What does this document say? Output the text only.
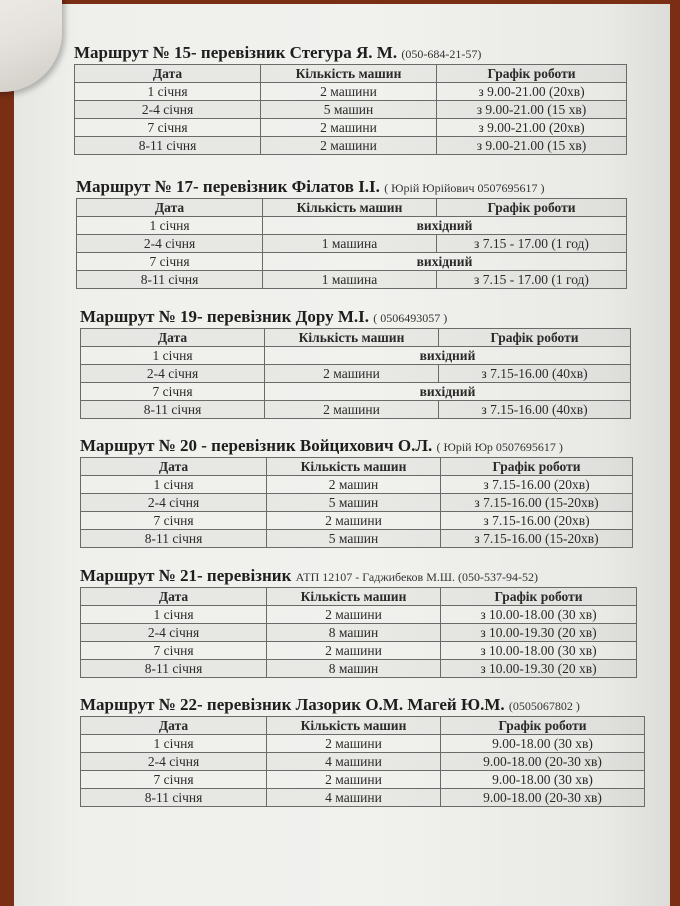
Маршрут № 15- перевізник Стегура Я. М. (050-684-21-57)
Дата	Кількість машин	Графік роботи
1 січня	2 машини	з 9.00-21.00 (20хв)
2-4 січня	5 машин	з 9.00-21.00 (15 хв)
7 січня	2 машини	з 9.00-21.00 (20хв)
8-11 січня	2 машини	з 9.00-21.00 (15 хв)
Маршрут № 17- перевізник Філатов І.І. ( Юрій Юрійович 0507695617 )
Дата	Кількість машин	Графік роботи
1 січня	вихідний	
2-4 січня	1 машина	з 7.15 - 17.00 (1 год)
7 січня	вихідний	
8-11 січня	1 машина	з 7.15 - 17.00 (1 год)
Маршрут № 19- перевізник Дору М.І. ( 0506493057 )
Дата	Кількість машин	Графік роботи
1 січня	вихідний	
2-4 січня	2 машини	з 7.15-16.00 (40хв)
7 січня	вихідний	
8-11 січня	2 машини	з 7.15-16.00 (40хв)
Маршрут № 20 - перевізник Войцихович О.Л. ( Юрій Юр 0507695617 )
Дата	Кількість машин	Графік роботи
1 січня	2 машин	з 7.15-16.00 (20хв)
2-4 січня	5 машин	з 7.15-16.00 (15-20хв)
7 січня	2 машини	з 7.15-16.00 (20хв)
8-11 січня	5 машин	з 7.15-16.00 (15-20хв)
Маршрут № 21- перевізник АТП 12107 - Гаджибеков М.Ш. (050-537-94-52)
Дата	Кількість машин	Графік роботи
1 січня	2 машини	з 10.00-18.00 (30 хв)
2-4 січня	8 машин	з 10.00-19.30 (20 хв)
7 січня	2 машини	з 10.00-18.00 (30 хв)
8-11 січня	8 машин	з 10.00-19.30 (20 хв)
Маршрут № 22- перевізник Лазорик О.М. Магей Ю.М. (0505067802 )
Дата	Кількість машин	Графік роботи
1 січня	2 машини	9.00-18.00 (30 хв)
2-4 січня	4 машини	9.00-18.00 (20-30 хв)
7 січня	2 машини	9.00-18.00 (30 хв)
8-11 січня	4 машини	9.00-18.00 (20-30 хв)
